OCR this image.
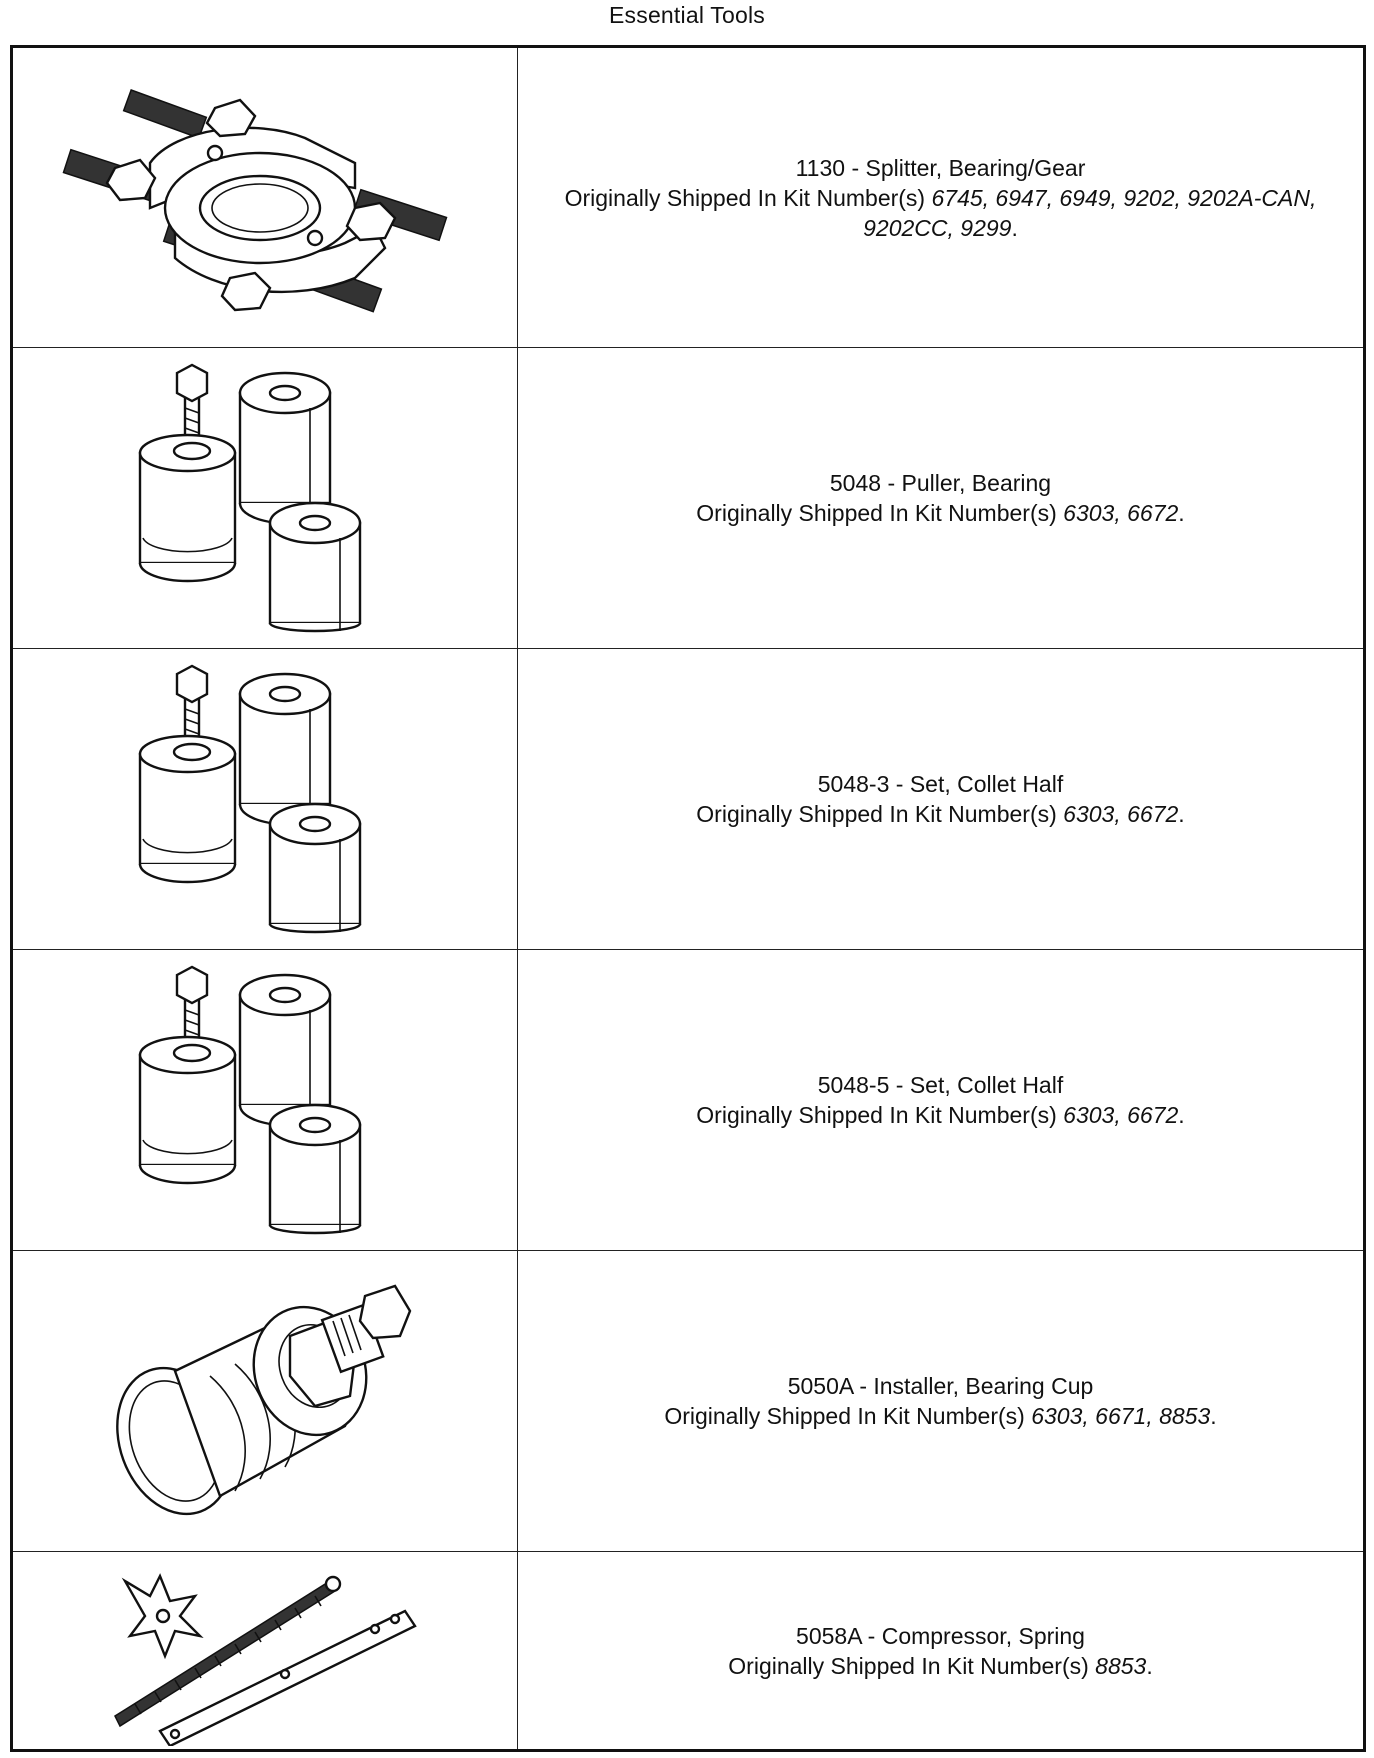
Essential Tools
1130 - Splitter, Bearing/Gear
Originally Shipped In Kit Number(s) 6745, 6947, 6949, 9202, 9202A-CAN,
9202CC, 9299.
5048 - Puller, Bearing
Originally Shipped In Kit Number(s) 6303, 6672.
5048-3 - Set, Collet Half
Originally Shipped In Kit Number(s) 6303, 6672.
5048-5 - Set, Collet Half
Originally Shipped In Kit Number(s) 6303, 6672.
5050A - Installer, Bearing Cup
Originally Shipped In Kit Number(s) 6303, 6671, 8853.
5058A - Compressor, Spring
Originally Shipped In Kit Number(s) 8853.
